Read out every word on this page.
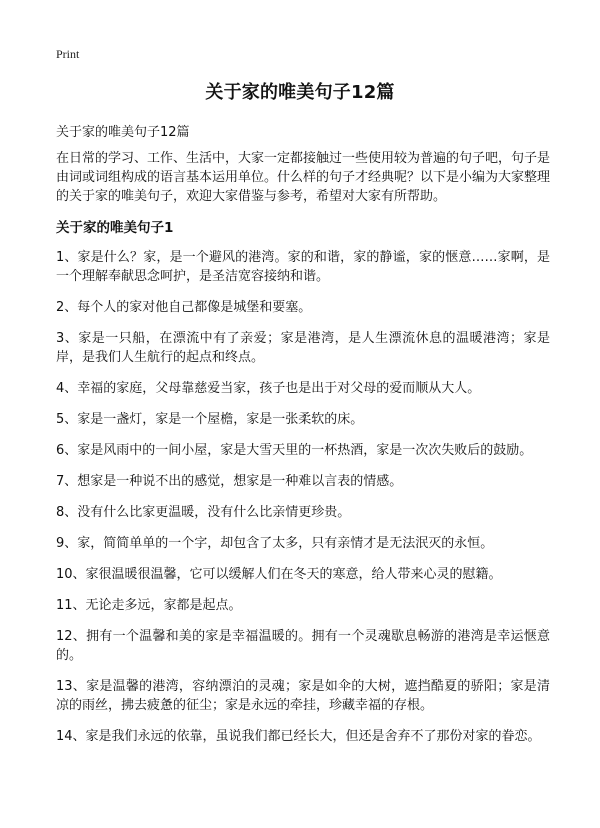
Print
关于家的唯美句子12篇
关于家的唯美句子12篇
在日常的学习、工作、生活中，大家一定都接触过一些使用较为普遍的句子吧，句子是由词或词组构成的语言基本运用单位。什么样的句子才经典呢？以下是小编为大家整理的关于家的唯美句子，欢迎大家借鉴与参考，希望对大家有所帮助。
关于家的唯美句子1

1、家是什么？家，是一个避风的港湾。家的和谐，家的静谧，家的惬意……家啊，是一个理解奉献思念呵护，是圣洁宽容接纳和谐。

2、每个人的家对他自己都像是城堡和要塞。

3、家是一只船，在漂流中有了亲爱；家是港湾，是人生漂流休息的温暖港湾；家是岸，是我们人生航行的起点和终点。

4、幸福的家庭，父母靠慈爱当家，孩子也是出于对父母的爱而顺从大人。

5、家是一盏灯，家是一个屋檐，家是一张柔软的床。

6、家是风雨中的一间小屋，家是大雪天里的一杯热酒，家是一次次失败后的鼓励。

7、想家是一种说不出的感觉，想家是一种难以言表的情感。

8、没有什么比家更温暖，没有什么比亲情更珍贵。

9、家，简简单单的一个字，却包含了太多，只有亲情才是无法泯灭的永恒。

10、家很温暖很温馨，它可以缓解人们在冬天的寒意，给人带来心灵的慰籍。

11、无论走多远，家都是起点。

12、拥有一个温馨和美的家是幸福温暖的。拥有一个灵魂歇息畅游的港湾是幸运惬意的。

13、家是温馨的港湾，容纳漂泊的灵魂；家是如伞的大树，遮挡酷夏的骄阳；家是清凉的雨丝，拂去疲惫的征尘；家是永远的牵挂，珍藏幸福的存根。

14、家是我们永远的依靠，虽说我们都已经长大，但还是舍弃不了那份对家的眷恋。
